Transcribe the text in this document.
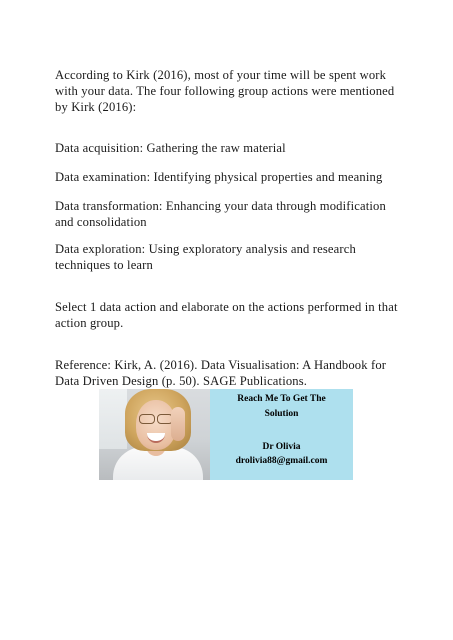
According to Kirk (2016), most of your time will be spent work with your data. The four following group actions were mentioned by Kirk (2016):

Data acquisition: Gathering the raw material

Data examination: Identifying physical properties and meaning

Data transformation: Enhancing your data through modification and consolidation

Data exploration: Using exploratory analysis and research techniques to learn

Select 1 data action and elaborate on the actions performed in that action group.

Reference: Kirk, A. (2016). Data Visualisation: A Handbook for Data Driven Design (p. 50). SAGE Publications.

Reach Me To Get The

Solution

Dr Olivia

drolivia88@gmail.com
